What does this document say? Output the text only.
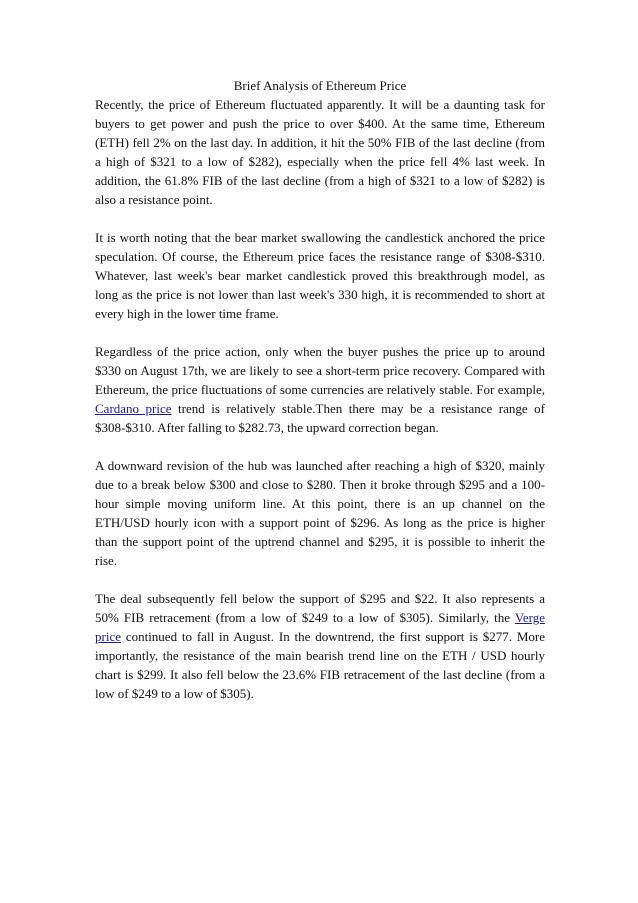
Brief Analysis of Ethereum Price

Recently, the price of Ethereum fluctuated apparently. It will be a daunting task for buyers to get power and push the price to over $400. At the same time, Ethereum (ETH) fell 2% on the last day. In addition, it hit the 50% FIB of the last decline (from a high of $321 to a low of $282), especially when the price fell 4% last week. In addition, the 61.8% FIB of the last decline (from a high of $321 to a low of $282) is also a resistance point.

It is worth noting that the bear market swallowing the candlestick anchored the price speculation. Of course, the Ethereum price faces the resistance range of $308-$310. Whatever, last week's bear market candlestick proved this breakthrough model, as long as the price is not lower than last week's 330 high, it is recommended to short at every high in the lower time frame.

Regardless of the price action, only when the buyer pushes the price up to around $330 on August 17th, we are likely to see a short-term price recovery. Compared with Ethereum, the price fluctuations of some currencies are relatively stable. For example, Cardano price trend is relatively stable.Then there may be a resistance range of $308-$310. After falling to $282.73, the upward correction began.

A downward revision of the hub was launched after reaching a high of $320, mainly due to a break below $300 and close to $280. Then it broke through $295 and a 100-hour simple moving uniform line. At this point, there is an up channel on the ETH/USD hourly icon with a support point of $296. As long as the price is higher than the support point of the uptrend channel and $295, it is possible to inherit the rise.

The deal subsequently fell below the support of $295 and $22. It also represents a 50% FIB retracement (from a low of $249 to a low of $305). Similarly, the Verge price continued to fall in August. In the downtrend, the first support is $277. More importantly, the resistance of the main bearish trend line on the ETH / USD hourly chart is $299. It also fell below the 23.6% FIB retracement of the last decline (from a low of $249 to a low of $305).
